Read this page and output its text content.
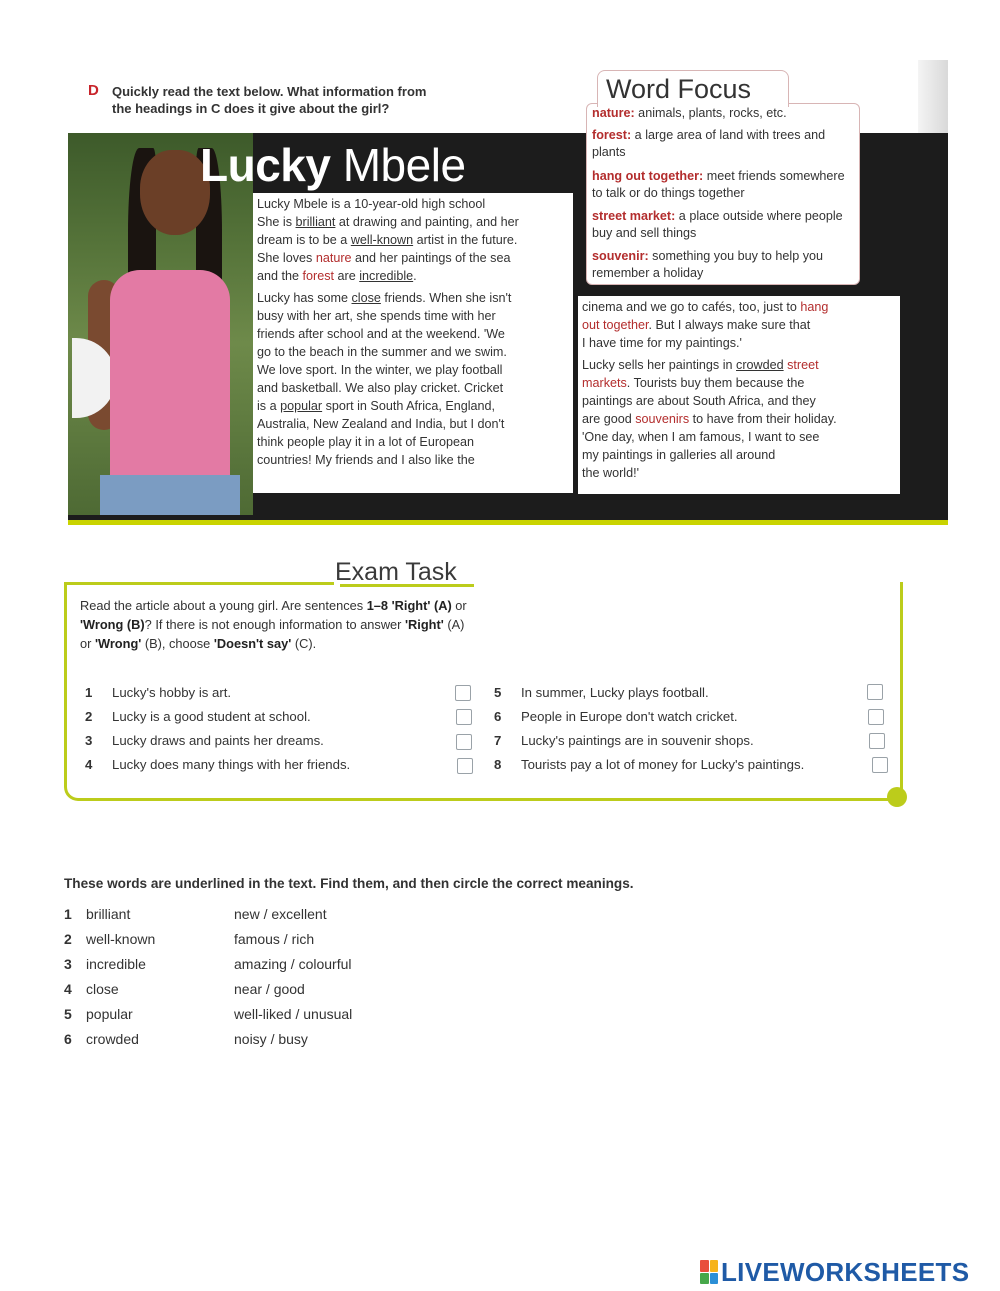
D Quickly read the text below. What information from
the headings in C does it give about the girl?
Lucky Mbele
Lucky Mbele is a 10-year-old high school
She is brilliant at drawing and painting, and her
dream is to be a well-known artist in the future.
She loves nature and her paintings of the sea
and the forest are incredible.
Lucky has some close friends. When she isn't
busy with her art, she spends time with her
friends after school and at the weekend. 'We
go to the beach in the summer and we swim.
We love sport. In the winter, we play football
and basketball. We also play cricket. Cricket
is a popular sport in South Africa, England,
Australia, New Zealand and India, but I don't
think people play it in a lot of European
countries! My friends and I also like the
cinema and we go to cafés, too, just to hang
out together. But I always make sure that
I have time for my paintings.'
Lucky sells her paintings in crowded street
markets. Tourists buy them because the
paintings are about South Africa, and they
are good souvenirs to have from their holiday.
'One day, when I am famous, I want to see
my paintings in galleries all around
the world!'
Word Focus
nature: animals, plants, rocks, etc.
forest: a large area of land with trees and plants
hang out together: meet friends somewhere to talk or do things together
street market: a place outside where people buy and sell things
souvenir: something you buy to help you remember a holiday
Exam Task
Read the article about a young girl. Are sentences 1–8 'Right' (A) or 'Wrong (B)? If there is not enough information to answer 'Right' (A) or 'Wrong' (B), choose 'Doesn't say' (C).
1 Lucky's hobby is art.
2 Lucky is a good student at school.
3 Lucky draws and paints her dreams.
4 Lucky does many things with her friends.
5 In summer, Lucky plays football.
6 People in Europe don't watch cricket.
7 Lucky's paintings are in souvenir shops.
8 Tourists pay a lot of money for Lucky's paintings.
These words are underlined in the text. Find them, and then circle the correct meanings.
1 brilliant	new / excellent
2 well-known	famous / rich
3 incredible	amazing / colourful
4 close	near / good
5 popular	well-liked / unusual
6 crowded	noisy / busy
LIVEWORKSHEETS
